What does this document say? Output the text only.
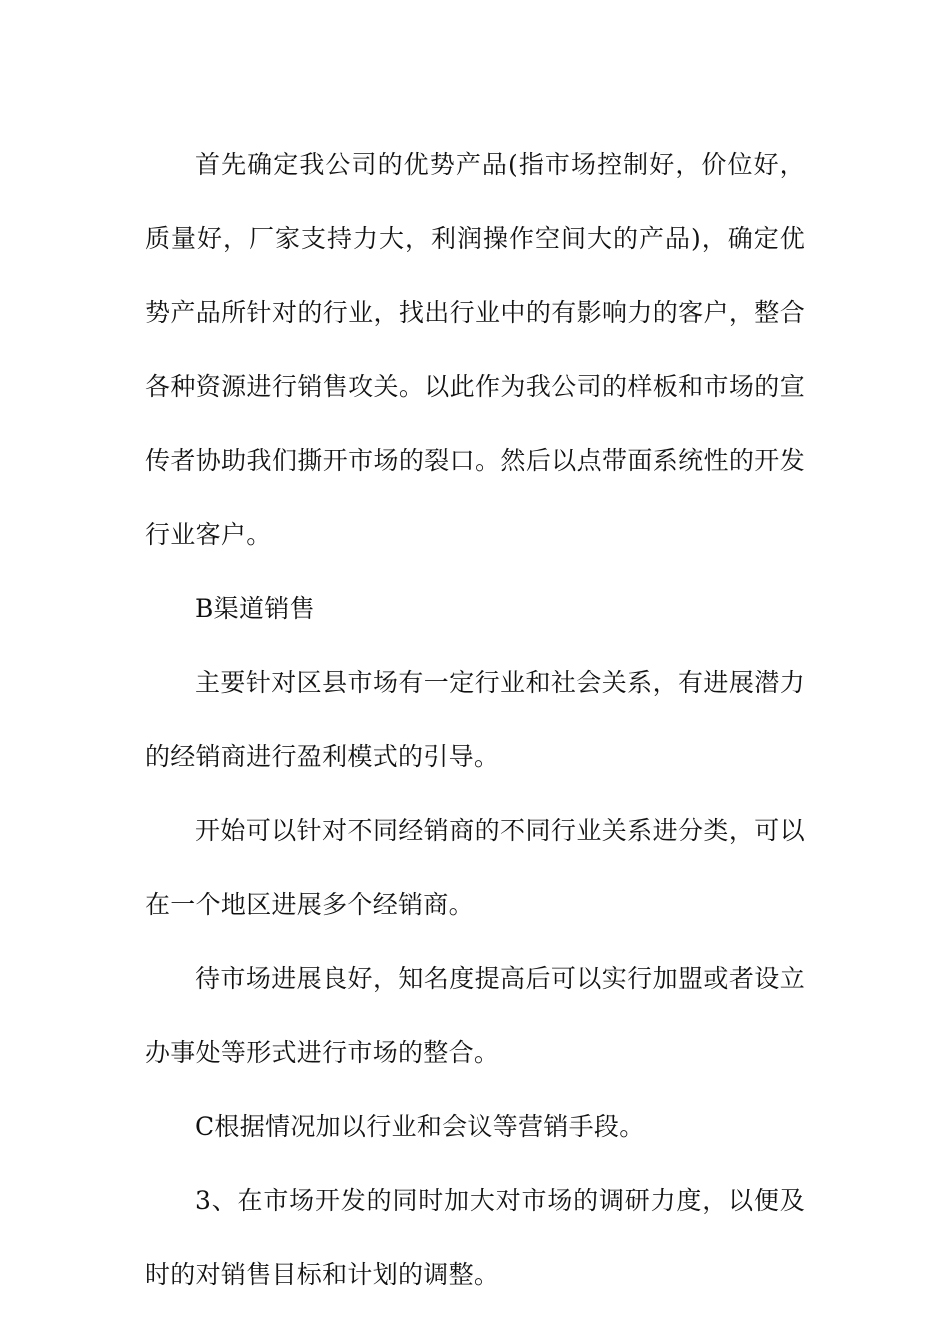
首先确定我公司的优势产品(指市场控制好，价位好，质量好，厂家支持力大，利润操作空间大的产品)，确定优势产品所针对的行业，找出行业中的有影响力的客户，整合各种资源进行销售攻关。以此作为我公司的样板和市场的宣传者协助我们撕开市场的裂口。然后以点带面系统性的开发行业客户。

B渠道销售

主要针对区县市场有一定行业和社会关系，有进展潜力的经销商进行盈利模式的引导。

开始可以针对不同经销商的不同行业关系进分类，可以在一个地区进展多个经销商。

待市场进展良好，知名度提高后可以实行加盟或者设立办事处等形式进行市场的整合。

C根据情况加以行业和会议等营销手段。

3、在市场开发的同时加大对市场的调研力度，以便及时的对销售目标和计划的调整。
